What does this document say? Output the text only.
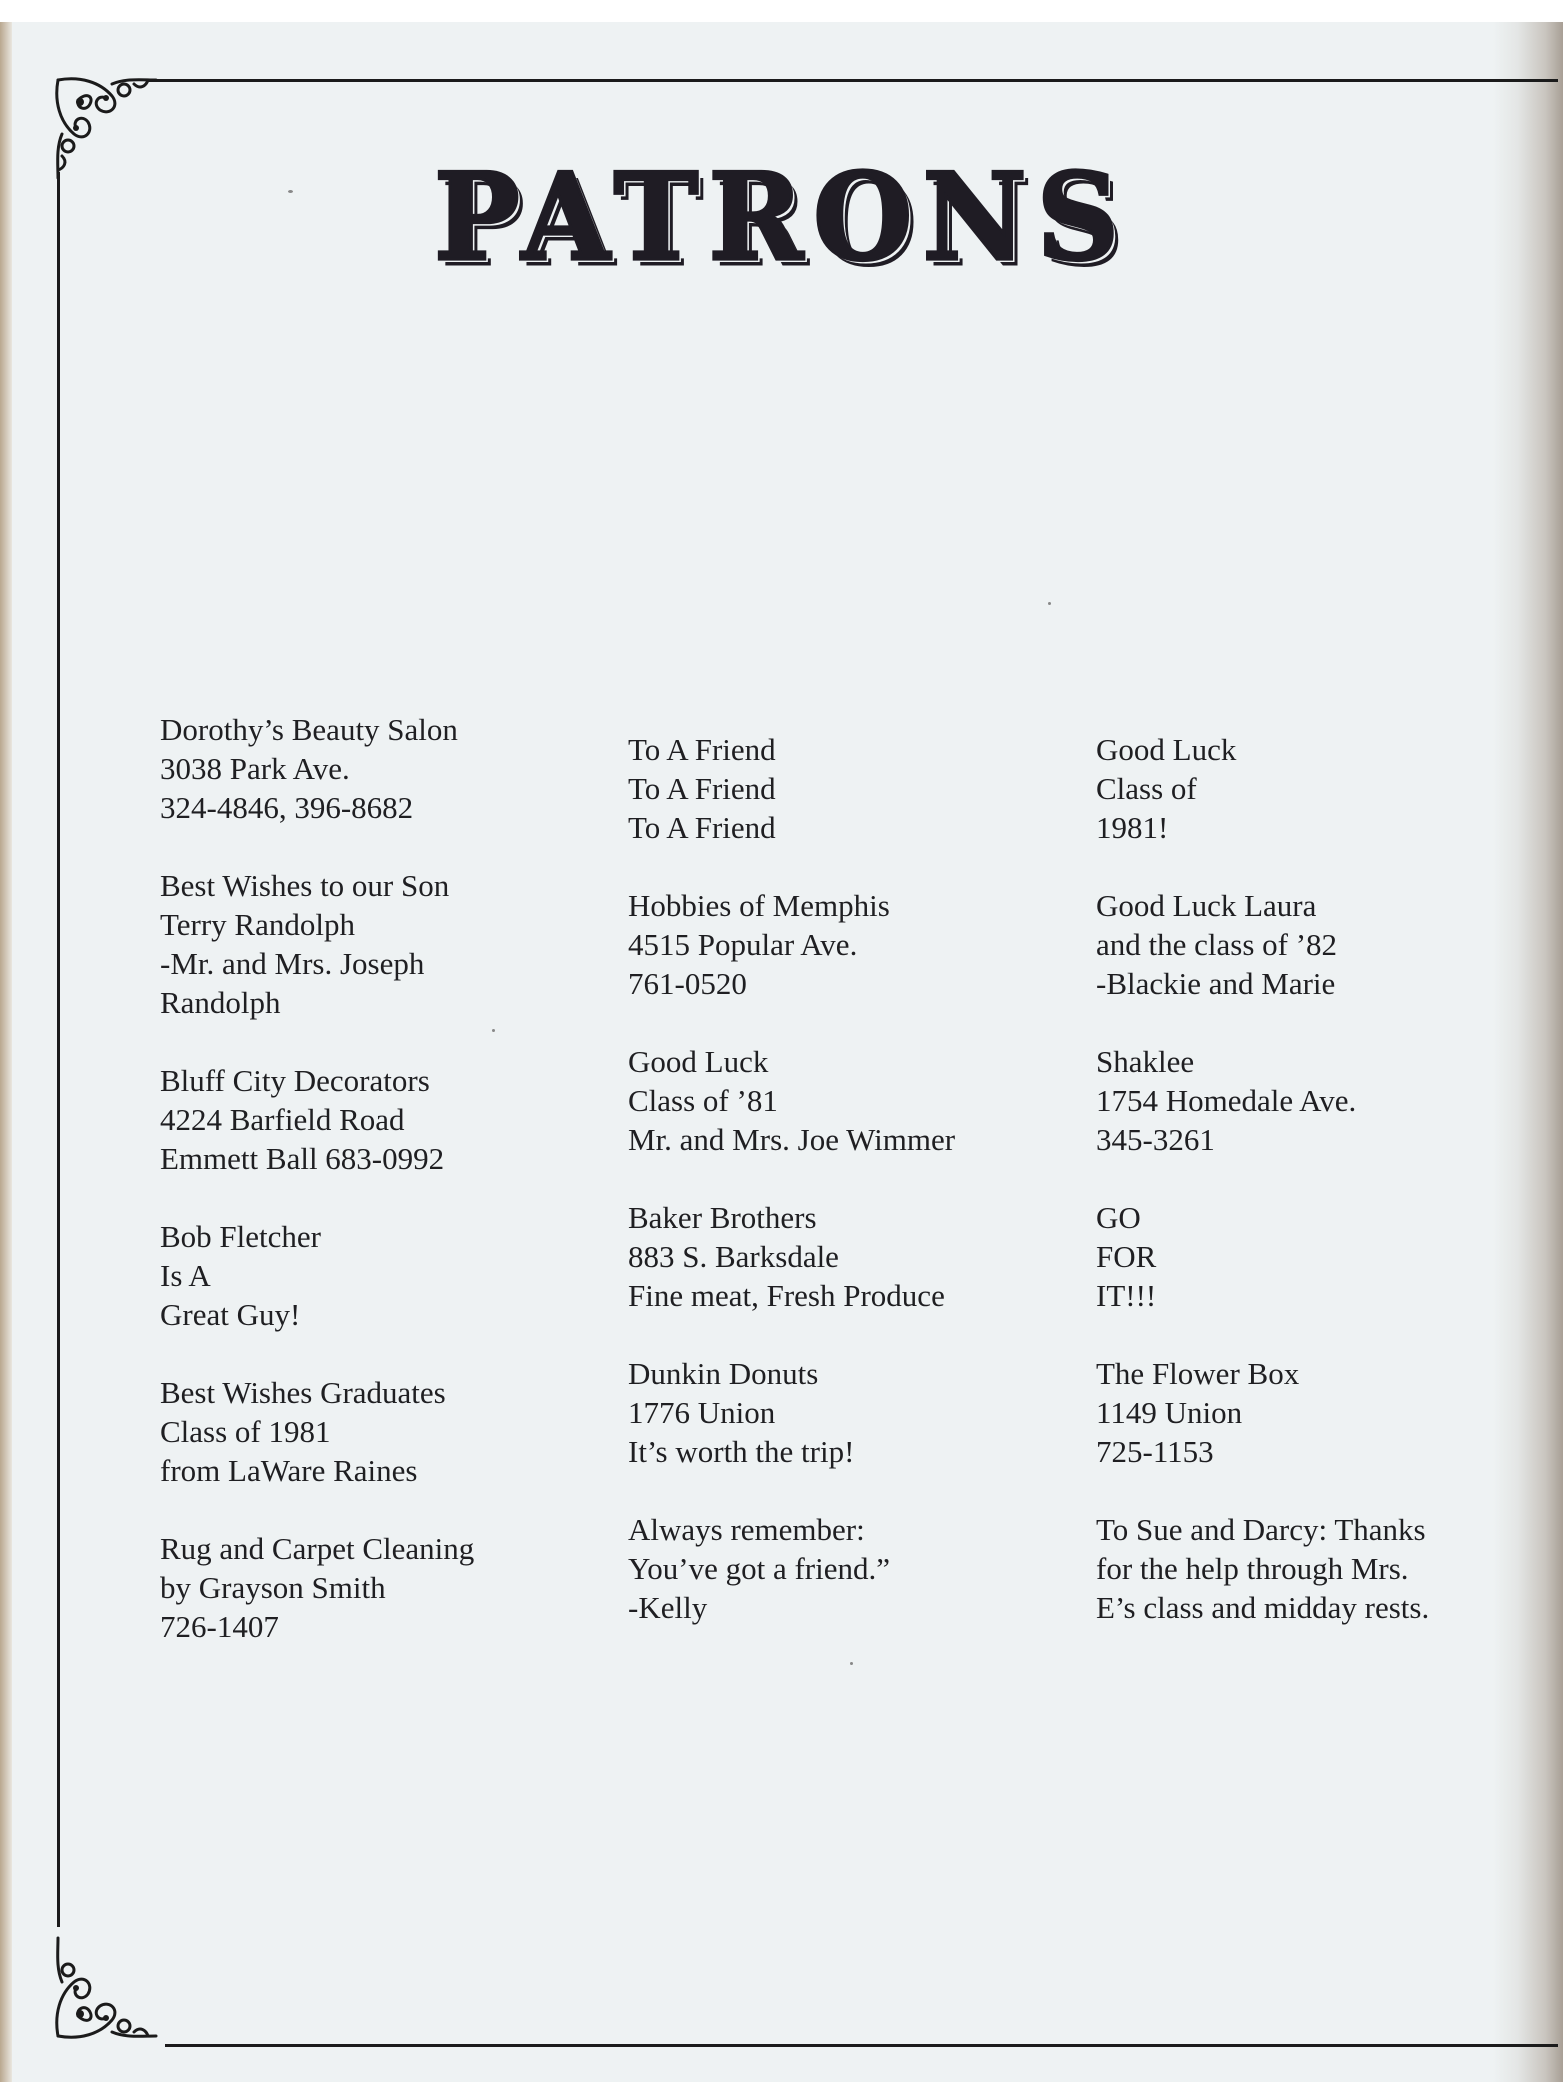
PATRONS
Dorothy’s Beauty Salon
3038 Park Ave.
324-4846, 396-8682
Best Wishes to our Son
Terry Randolph
-Mr. and Mrs. Joseph
Randolph
Bluff City Decorators
4224 Barfield Road
Emmett Ball 683-0992
Bob Fletcher
Is A
Great Guy!
Best Wishes Graduates
Class of 1981
from LaWare Raines
Rug and Carpet Cleaning
by Grayson Smith
726-1407
To A Friend
To A Friend
To A Friend
Hobbies of Memphis
4515 Popular Ave.
761-0520
Good Luck
Class of ’81
Mr. and Mrs. Joe Wimmer
Baker Brothers
883 S. Barksdale
Fine meat, Fresh Produce
Dunkin Donuts
1776 Union
It’s worth the trip!
Always remember:
You’ve got a friend.”
-Kelly
Good Luck
Class of
1981!
Good Luck Laura
and the class of ’82
-Blackie and Marie
Shaklee
1754 Homedale Ave.
345-3261
GO
FOR
IT!!!
The Flower Box
1149 Union
725-1153
To Sue and Darcy: Thanks
for the help through Mrs.
E’s class and midday rests.
